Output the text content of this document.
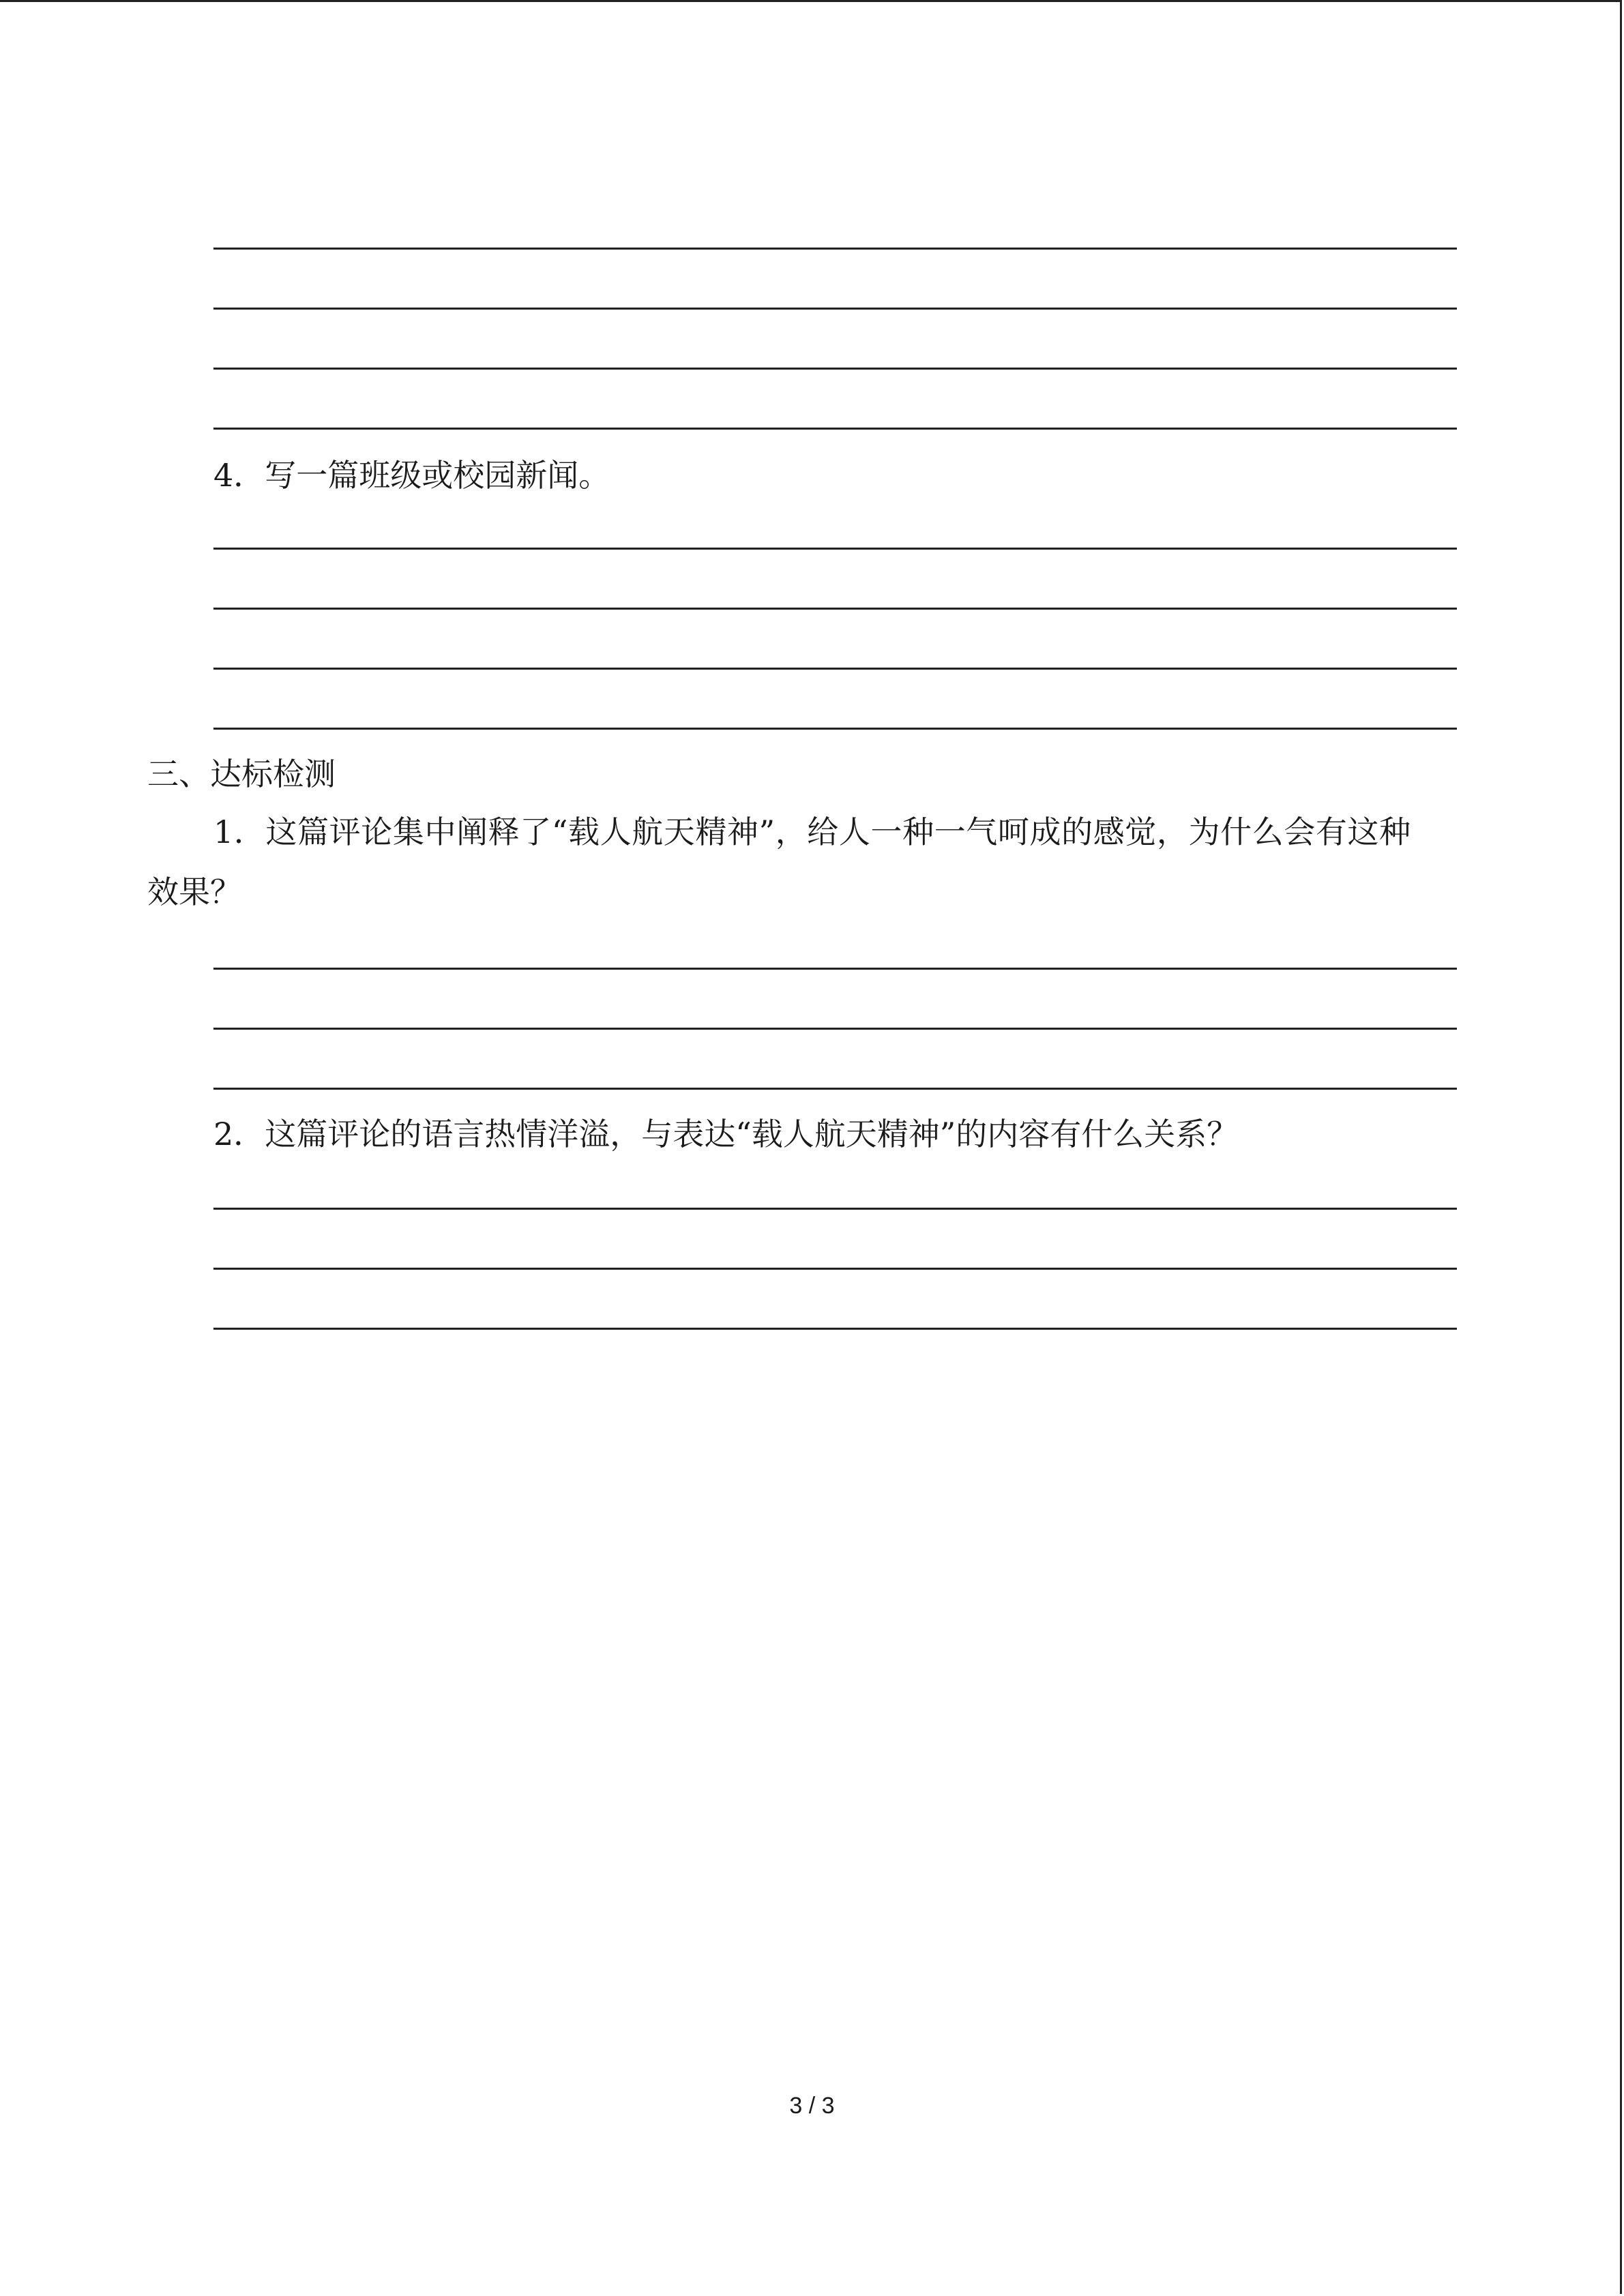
4．写一篇班级或校园新闻。
三、达标检测
1．这篇评论集中阐释了“载人航天精神”，给人一种一气呵成的感觉，为什么会有这种
效果？
2．这篇评论的语言热情洋溢，与表达“载人航天精神”的内容有什么关系？
3 / 3
